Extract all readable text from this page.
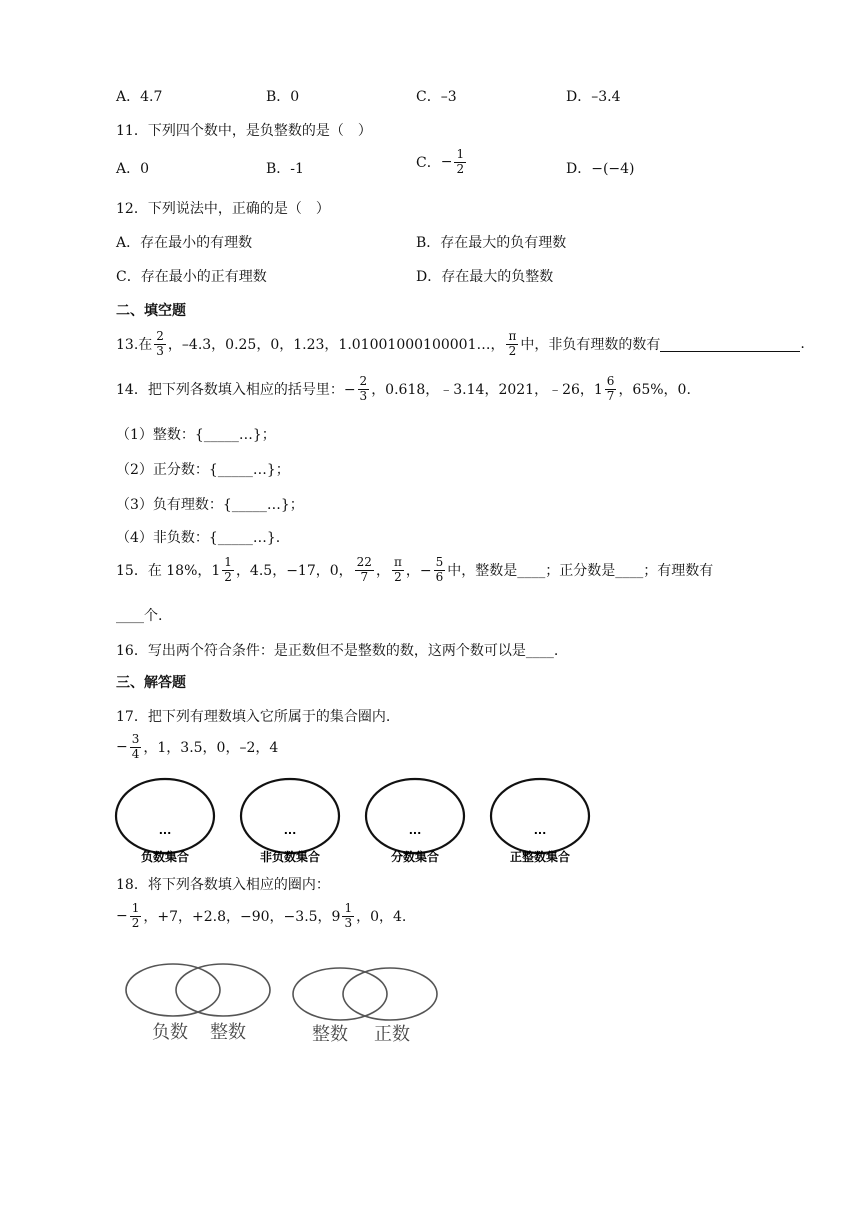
A．4.7	B．0	C．–3	D．–3.4
11．下列四个数中，是负整数的是（　）
A．0	B．-1	C． − $\frac{1}{2}$	D．−(−4)
12．下列说法中，正确的是（　）
A．存在最小的有理数	B．存在最大的负有理数
C．存在最小的正有理数	D．存在最大的负整数
二、填空题
13.在 $\frac{2}{3}$ ，–4.3，0.25，0，1.23，1.01001000100001…， $\frac{\pi}{2}$ 中，非负有理数的数有	.
14．把下列各数填入相应的括号里：− $\frac{2}{3}$ ，0.618，﹣3.14，2021，﹣26，$1 \frac{6}{7}$ ，65%，0.
（1）整数：{_____…}；
（2）正分数：{_____…}；
（3）负有理数：{_____…}；
（4）非负数：{_____…}.
15．在 18%，$1 \frac{1}{2}$ ，4.5，−17，0， $\frac{22}{7}$ ， $\frac{\pi}{2}$ ，− $\frac{5}{6}$ 中，整数是____；正分数是____；有理数有
____个.
16．写出两个符合条件：是正数但不是整数的数，这两个数可以是____.
三、解答题
17．把下列有理数填入它所属于的集合圈内.
− $\frac{3}{4}$ ，1，3.5，0，–2，4
...
负数集合
...
非负数集合
...
分数集合
...
正整数集合
18．将下列各数填入相应的圈内：
− $\frac{1}{2}$ ，+7，+2.8，−90，−3.5，$9 \frac{1}{3}$ ，0，4.
负数 整数	整数 正数
